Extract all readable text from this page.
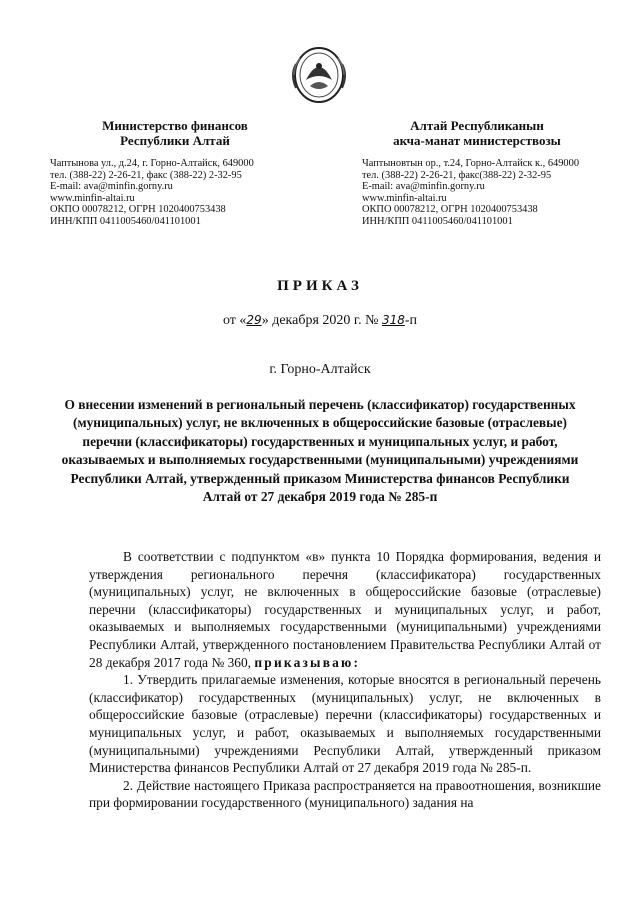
Министерство финансов
Республики Алтай
Чаптынова ул., д.24, г. Горно-Алтайск, 649000
тел. (388-22) 2-26-21, факс (388-22) 2-32-95
E-mail: ava@minfin.gorny.ru
www.minfin-altai.ru
ОКПО 00078212, ОГРН 1020400753438
ИНН/КПП 0411005460/041101001
Алтай Республиканын
акча-манат министерствозы
Чаптыновтын ор., т.24, Горно-Алтайск к., 649000
тел. (388-22) 2-26-21, факс(388-22) 2-32-95
E-mail: ava@minfin.gorny.ru
www.minfin-altai.ru
ОКПО 00078212, ОГРН 1020400753438
ИНН/КПП 0411005460/041101001
ПРИКАЗ
от «29» декабря 2020 г. № 318-п
г. Горно-Алтайск
О внесении изменений в региональный перечень (классификатор) государственных (муниципальных) услуг, не включенных в общероссийские базовые (отраслевые) перечни (классификаторы) государственных и муниципальных услуг, и работ, оказываемых и выполняемых государственными (муниципальными) учреждениями Республики Алтай, утвержденный приказом Министерства финансов Республики Алтай от 27 декабря 2019 года № 285-п

В соответствии с подпунктом «в» пункта 10 Порядка формирования, ведения и утверждения регионального перечня (классификатора) государственных (муниципальных) услуг, не включенных в общероссийские базовые (отраслевые) перечни (классификаторы) государственных и муниципальных услуг, и работ, оказываемых и выполняемых государственными (муниципальными) учреждениями Республики Алтай, утвержденного постановлением Правительства Республики Алтай от 28 декабря 2017 года № 360, приказываю:

1. Утвердить прилагаемые изменения, которые вносятся в региональный перечень (классификатор) государственных (муниципальных) услуг, не включенных в общероссийские базовые (отраслевые) перечни (классификаторы) государственных и муниципальных услуг, и работ, оказываемых и выполняемых государственными (муниципальными) учреждениями Республики Алтай, утвержденный приказом Министерства финансов Республики Алтай от 27 декабря 2019 года № 285-п.

2. Действие настоящего Приказа распространяется на правоотношения, возникшие при формировании государственного (муниципального) задания на
